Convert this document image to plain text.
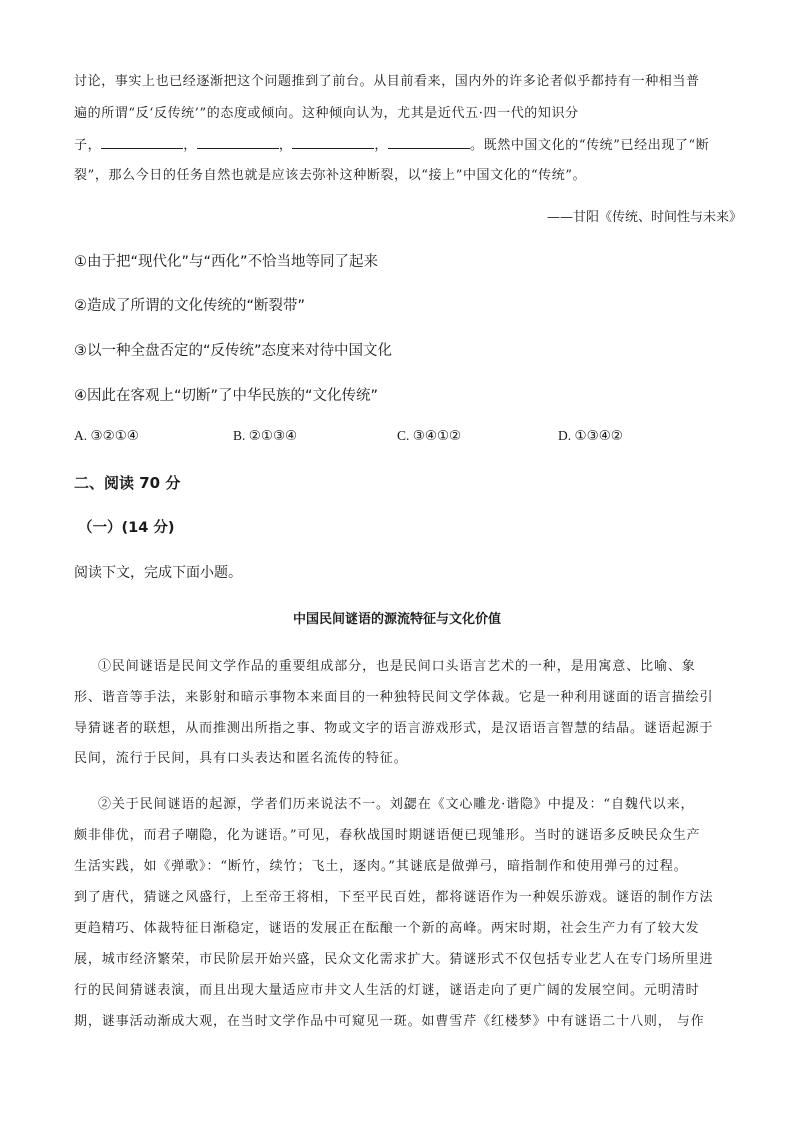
讨论，事实上也已经逐渐把这个问题推到了前台。从目前看来，国内外的许多论者似乎都持有一种相当普
遍的所谓“反‘反传统’”的态度或倾向。这种倾向认为，尤其是近代五·四一代的知识分
子，	，	，	，	。既然中国文化的“传统”已经出现了“断
裂”，那么今日的任务自然也就是应该去弥补这种断裂，以“接上”中国文化的“传统”。
——甘阳《传统、时间性与未来》
①由于把“现代化”与“西化”不恰当地等同了起来
②造成了所谓的文化传统的“断裂带”
③以一种全盘否定的“反传统”态度来对待中国文化
④因此在客观上“切断”了中华民族的“文化传统”
A. ③②①④	B. ②①③④	C. ③④①②	D. ①③④②
二、阅读 70 分
（一）(14 分)
阅读下文，完成下面小题。
中国民间谜语的源流特征与文化价值
①民间谜语是民间文学作品的重要组成部分，也是民间口头语言艺术的一种，是用寓意、比喻、象
形、谐音等手法，来影射和暗示事物本来面目的一种独特民间文学体裁。它是一种利用谜面的语言描绘引
导猜谜者的联想，从而推测出所指之事、物或文字的语言游戏形式，是汉语语言智慧的结晶。谜语起源于
民间，流行于民间，具有口头表达和匿名流传的特征。
②关于民间谜语的起源，学者们历来说法不一。刘勰在《文心雕龙·谐隐》中提及：“自魏代以来，
颇非俳优，而君子嘲隐，化为谜语。”可见，春秋战国时期谜语便已现雏形。当时的谜语多反映民众生产
生活实践，如《弹歌》：“断竹，续竹；飞土，逐肉。”其谜底是做弹弓，暗指制作和使用弹弓的过程。
到了唐代，猜谜之风盛行，上至帝王将相，下至平民百姓，都将谜语作为一种娱乐游戏。谜语的制作方法
更趋精巧、体裁特征日渐稳定，谜语的发展正在酝酿一个新的高峰。两宋时期，社会生产力有了较大发
展，城市经济繁荣，市民阶层开始兴盛，民众文化需求扩大。猜谜形式不仅包括专业艺人在专门场所里进
行的民间猜谜表演，而且出现大量适应市井文人生活的灯谜，谜语走向了更广阔的发展空间。元明清时
期，谜事活动渐成大观，在当时文学作品中可窥见一斑。如曹雪芹《红楼梦》中有谜语二十八则， 与作
